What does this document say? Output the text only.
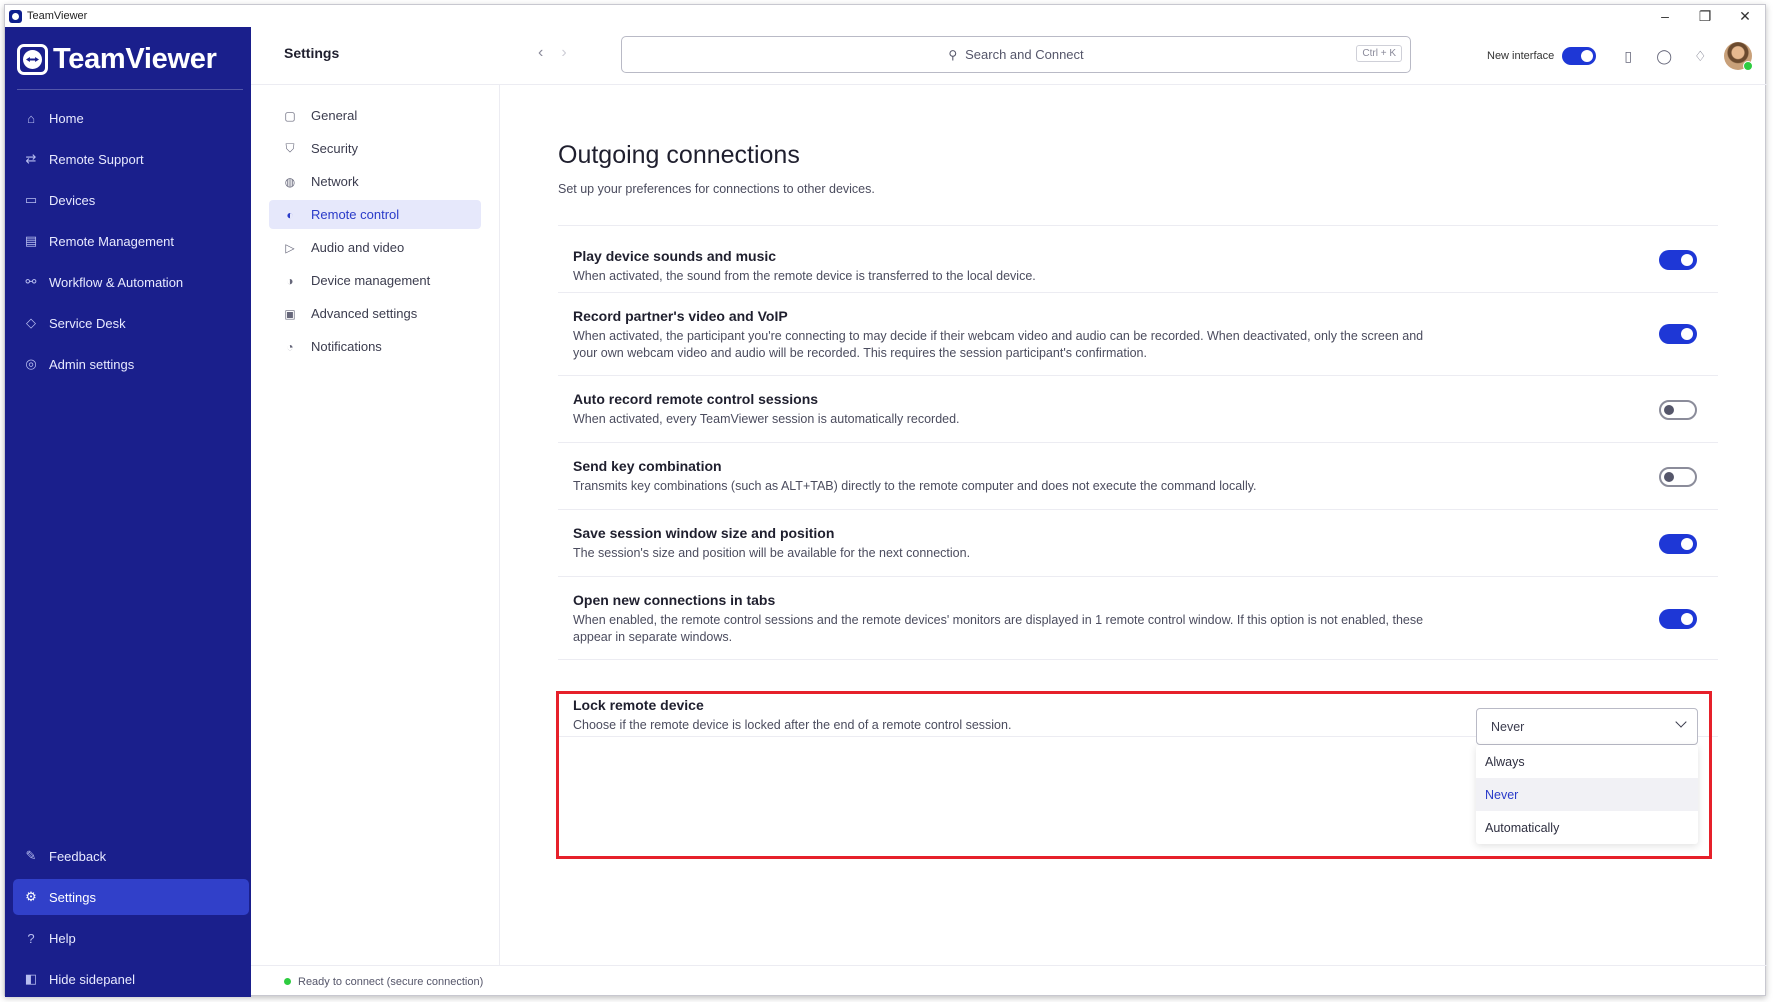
TeamViewer	–	❐	✕
TeamViewer
⌂	Home
⇄ Remote Support
▭ Devices
▤ Remote Management
⚯ Workflow & Automation
◇ Service Desk
◎ Admin settings
✎ Feedback
⚙ Settings
?	Help
◧ Hide sidepanel
Settings	‹ ›	⚲ Search and Connect	Ctrl + K	New interface	▯ ◯ ♢
▢ General
⛉ Security
◍ Network
◐ Remote control
▷ Audio and video
◑ Device management
▣ Advanced settings
◔ Notifications
Outgoing connections
Set up your preferences for connections to other devices.
Play device sounds and music
When activated, the sound from the remote device is transferred to the local device.
Record partner's video and VoIP
When activated, the participant you're connecting to may decide if their webcam video and audio can be recorded. When deactivated, only the screen and your own webcam video and audio will be recorded. This requires the session participant's confirmation.
Auto record remote control sessions
When activated, every TeamViewer session is automatically recorded.
Send key combination
Transmits key combinations (such as ALT+TAB) directly to the remote computer and does not execute the command locally.
Save session window size and position
The session's size and position will be available for the next connection.
Open new connections in tabs
When enabled, the remote control sessions and the remote devices' monitors are displayed in 1 remote control window. If this option is not enabled, these appear in separate windows.
Lock remote device
Choose if the remote device is locked after the end of a remote control session.	Never
Always
Never
Automatically
Ready to connect (secure connection)
